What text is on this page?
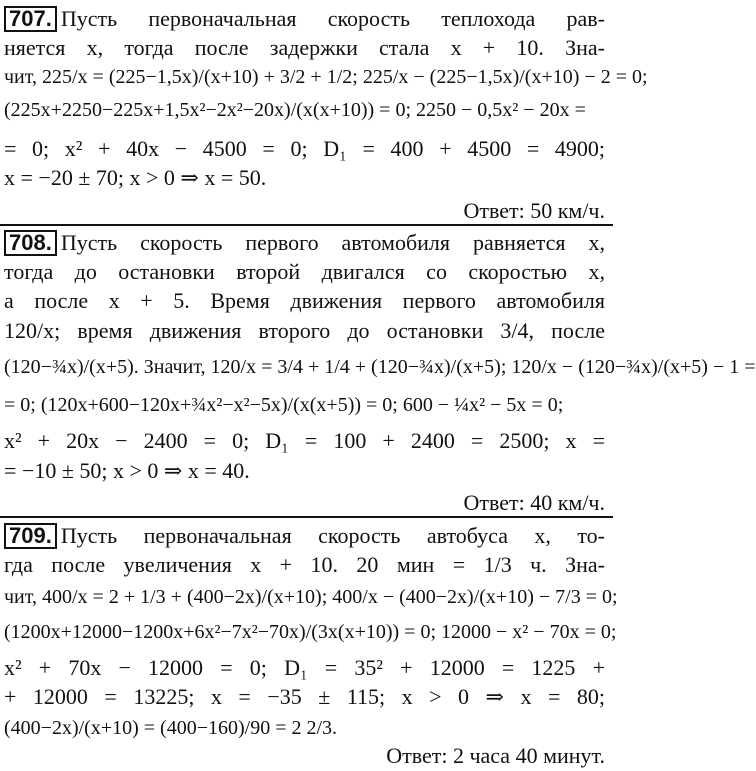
707. Пусть первоначальная скорость теплохода рав-
няется x, тогда после задержки стала x + 10. Зна-
чит, 225/x = (225−1,5x)/(x+10) + 3/2 + 1/2; 225/x − (225−1,5x)/(x+10) − 2 = 0;
(225x+2250−225x+1,5x²−2x²−20x)/(x(x+10)) = 0; 2250 − 0,5x² − 20x =
= 0; x² + 40x − 4500 = 0; D₁ = 400 + 4500 = 4900;
x = −20 ± 70; x > 0 ⇒ x = 50.
Ответ: 50 км/ч.
708. Пусть скорость первого автомобиля равняется x,
тогда до остановки второй двигался со скоростью x,
а после x + 5. Время движения первого автомобиля
120/x; время движения второго до остановки 3/4, после
(120−¾x)/(x+5). Значит, 120/x = 3/4 + 1/4 + (120−¾x)/(x+5); 120/x − (120−¾x)/(x+5) − 1 =
= 0; (120x+600−120x+¾x²−x²−5x)/(x(x+5)) = 0; 600 − ¼x² − 5x = 0;
x² + 20x − 2400 = 0; D₁ = 100 + 2400 = 2500; x =
= −10 ± 50; x > 0 ⇒ x = 40.
Ответ: 40 км/ч.
709. Пусть первоначальная скорость автобуса x, то-
гда после увеличения x + 10. 20 мин = 1/3 ч. Зна-
чит, 400/x = 2 + 1/3 + (400−2x)/(x+10); 400/x − (400−2x)/(x+10) − 7/3 = 0;
(1200x+12000−1200x+6x²−7x²−70x)/(3x(x+10)) = 0; 12000 − x² − 70x = 0;
x² + 70x − 12000 = 0; D₁ = 35² + 12000 = 1225 +
+ 12000 = 13225; x = −35 ± 115; x > 0 ⇒ x = 80;
(400−2x)/(x+10) = (400−160)/90 = 2 2/3.
Ответ: 2 часа 40 минут.
